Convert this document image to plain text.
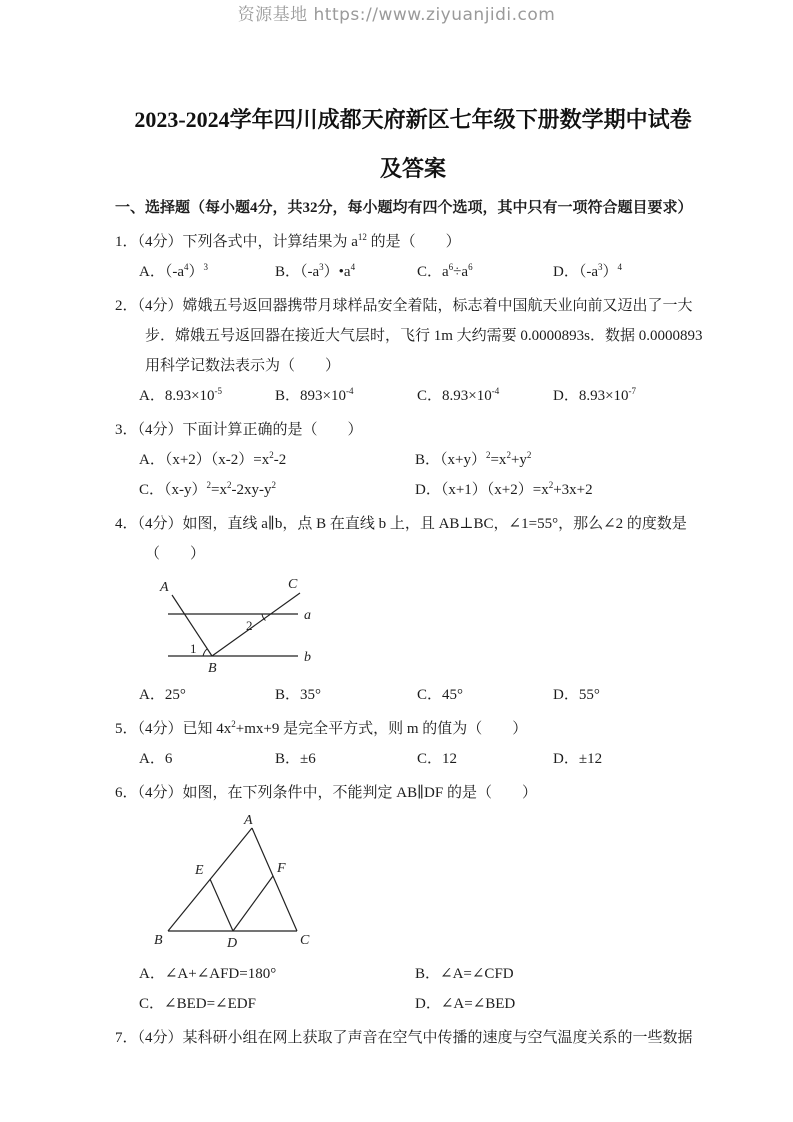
2023-2024学年四川成都天府新区七年级下册数学期中试卷
及答案
一、选择题（每小题4分，共32分，每小题均有四个选项，其中只有一项符合题目要求）
1．（4分）下列各式中，计算结果为 $a^{12}$ 的是（　　）
A．$(-a^4)^3$	B．$(-a^3)•a^4$	C．$a^6\div a^6$	D．$(-a^3)^4$
2．（4分）嫦娥五号返回器携带月球样品安全着陆，标志着中国航天业向前又迈出了一大步．嫦娥五号返回器在接近大气层时，飞行 1m 大约需要 0.0000893s．数据 0.0000893 用科学记数法表示为（　　）
A．$8.93\times 10^{-5}$	B．$893\times 10^{-4}$	C．$8.93\times 10^{-4}$	D．$8.93\times 10^{-7}$
3．（4分）下面计算正确的是（　　）
A．$(x+2)(x-2)=x^2-2$	B．$(x+y)^2=x^2+y^2$
C．$(x-y)^2=x^2-2xy-y^2$	D．$(x+1)(x+2)=x^2+3x+2$
4．（4分）如图，直线 a∥b，点 B 在直线 b 上，且 AB⊥BC，∠1=55°，那么∠2 的度数是（　　）
A	C
a
b
B
1
2
A．25°	B．35°	C．45°	D．55°
5．（4分）已知 $4x^2+mx+9$ 是完全平方式，则 m 的值为（　　）
A．6	B．±6	C．12	D．±12
6．（4分）如图，在下列条件中，不能判定 AB∥DF 的是（　　）
A
B	C
D
E	F
A．∠A+∠AFD=180°	B．∠A=∠CFD
C．∠BED=∠EDF	D．∠A=∠BED
7．（4分）某科研小组在网上获取了声音在空气中传播的速度与空气温度关系的一些数据
资源基地 https://www.ziyuanjidi.com
